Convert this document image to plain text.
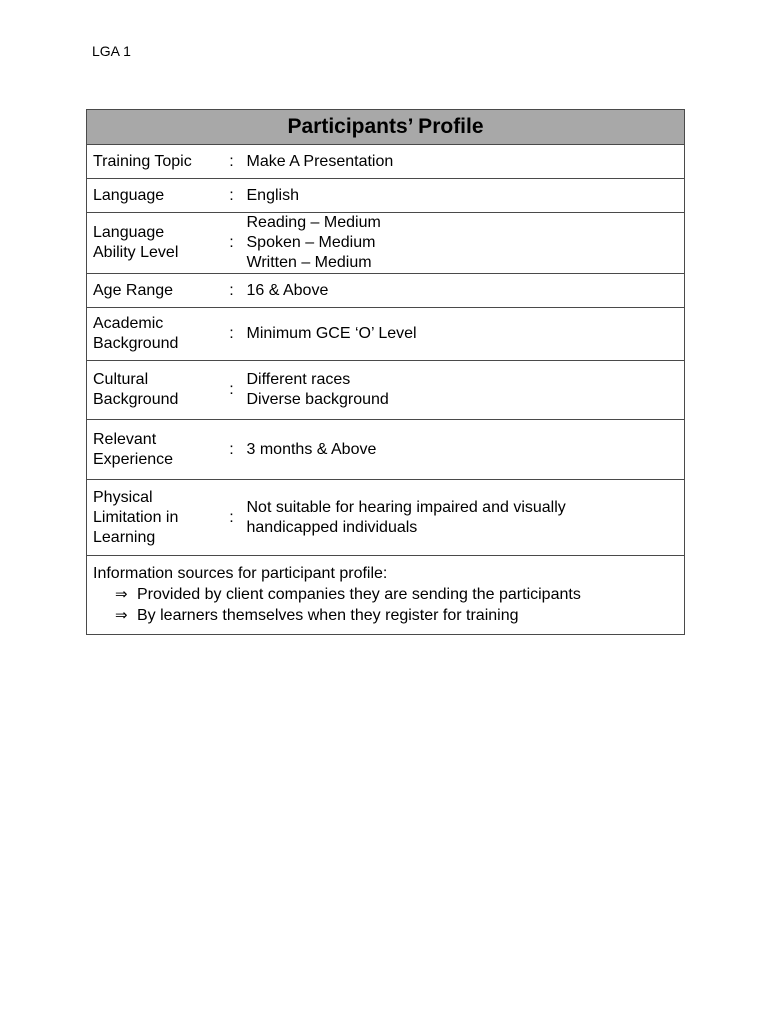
LGA 1
Participants’ Profile		

Training Topic	:	Make A Presentation

Language	:	English

Language
Ability Level	:	Reading – Medium
Spoken – Medium
Written – Medium

Age Range	:	16 & Above

Academic
Background	:	Minimum GCE ‘O’ Level

Cultural
Background	:	Different races
Diverse background

Relevant
Experience	:	3 months & Above

Physical
Limitation in
Learning	:	Not suitable for hearing impaired and visually
handicapped individuals

Information sources for participant profile:
⇒ Provided by client companies they are sending the participants
⇒ By learners themselves when they register for training		
